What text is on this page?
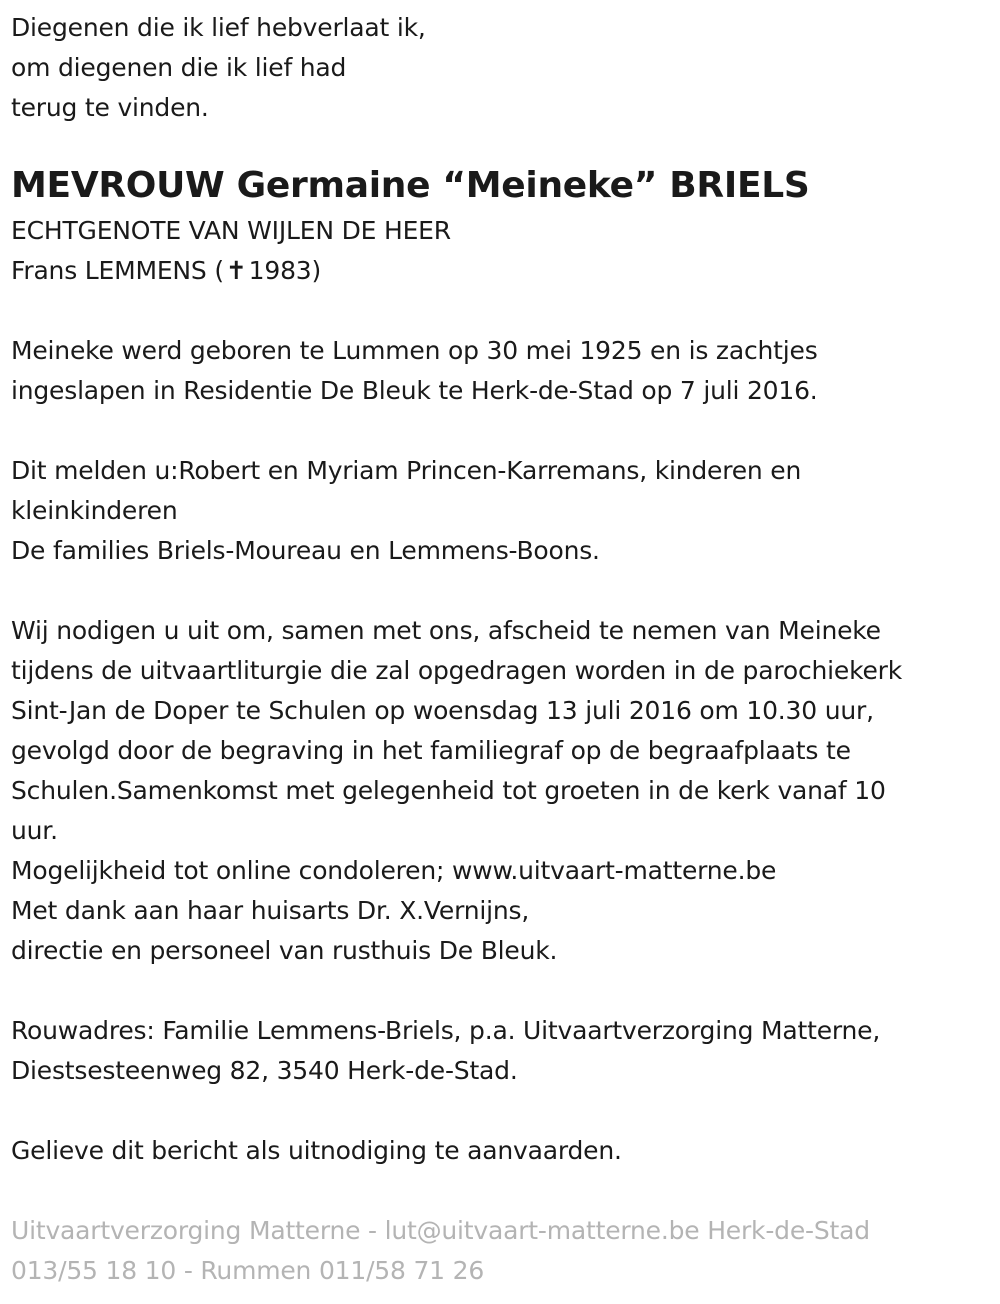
Diegenen die ik lief hebverlaat ik,
om diegenen die ik lief had
terug te vinden.
MEVROUW Germaine “Meineke” BRIELS
ECHTGENOTE VAN WIJLEN DE HEER
Frans LEMMENS (✝1983)
Meineke werd geboren te Lummen op 30 mei 1925 en is zachtjes
ingeslapen in Residentie De Bleuk te Herk-de-Stad op 7 juli 2016.
Dit melden u:Robert en Myriam Princen-Karremans, kinderen en
kleinkinderen
De families Briels-Moureau en Lemmens-Boons.
Wij nodigen u uit om, samen met ons, afscheid te nemen van Meineke
tijdens de uitvaartliturgie die zal opgedragen worden in de parochiekerk
Sint-Jan de Doper te Schulen op woensdag 13 juli 2016 om 10.30 uur,
gevolgd door de begraving in het familiegraf op de begraafplaats te
Schulen.Samenkomst met gelegenheid tot groeten in de kerk vanaf 10
uur.
Mogelijkheid tot online condoleren; www.uitvaart-matterne.be
Met dank aan haar huisarts Dr. X.Vernijns,
directie en personeel van rusthuis De Bleuk.
Rouwadres: Familie Lemmens-Briels, p.a. Uitvaartverzorging Matterne,
Diestsesteenweg 82, 3540 Herk-de-Stad.
Gelieve dit bericht als uitnodiging te aanvaarden.
Uitvaartverzorging Matterne - lut@uitvaart-matterne.be Herk-de-Stad
013/55 18 10 - Rummen 011/58 71 26
